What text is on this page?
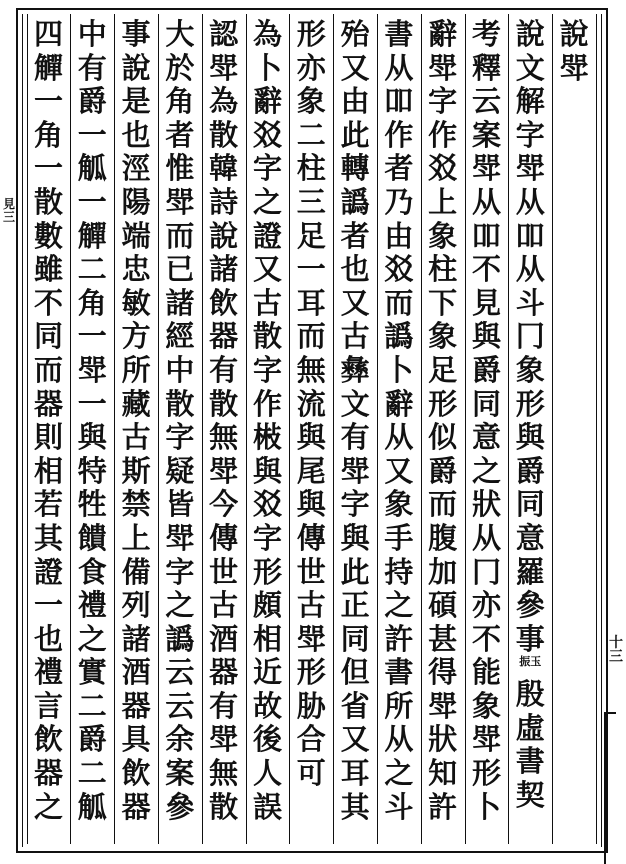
說
斝
說
文
解
字
斝
从
吅
从
斗
冂
象
形
與
爵
同
意
羅
參
事
振玉
殷
虛
書
契
考
釋
云
案
斝
从
吅
不
見
與
爵
同
意
之
狀
从
冂
亦
不
能
象
斝
形
卜
辭
斝
字
作
㸚
上
象
柱
下
象
足
形
似
爵
而
腹
加
碩
甚
得
斝
狀
知
許
書
从
吅
作
者
乃
由
㸚
而
譌
卜
辭
从
又
象
手
持
之
許
書
所
从
之
斗
殆
又
由
此
轉
譌
者
也
又
古
彝
文
有
斝
字
與
此
正
同
但
省
又
耳
其
形
亦
象
二
柱
三
足
一
耳
而
無
流
與
尾
與
傳
世
古
斝
形
胁
合
可
為
卜
辭
㸚
字
之
證
又
古
散
字
作
㪔
與
㸚
字
形
頗
相
近
故
後
人
誤
認
斝
為
散
韓
詩
說
諸
飲
器
有
散
無
斝
今
傳
世
古
酒
器
有
斝
無
散
大
於
角
者
惟
斝
而
已
諸
經
中
散
字
疑
皆
斝
字
之
譌
云
云
余
案
參
事
說
是
也
涇
陽
端
忠
敏
方
所
藏
古
斯
禁
上
備
列
諸
酒
器
具
飲
器
中
有
爵
一
觚
一
觶
二
角
一
斝
一
與
特
牲
饋
食
禮
之
實
二
爵
二
觚
四
觶
一
角
一
散
數
雖
不
同
而
器
則
相
若
其
證
一
也
禮
言
飲
器
之
見三
十三
